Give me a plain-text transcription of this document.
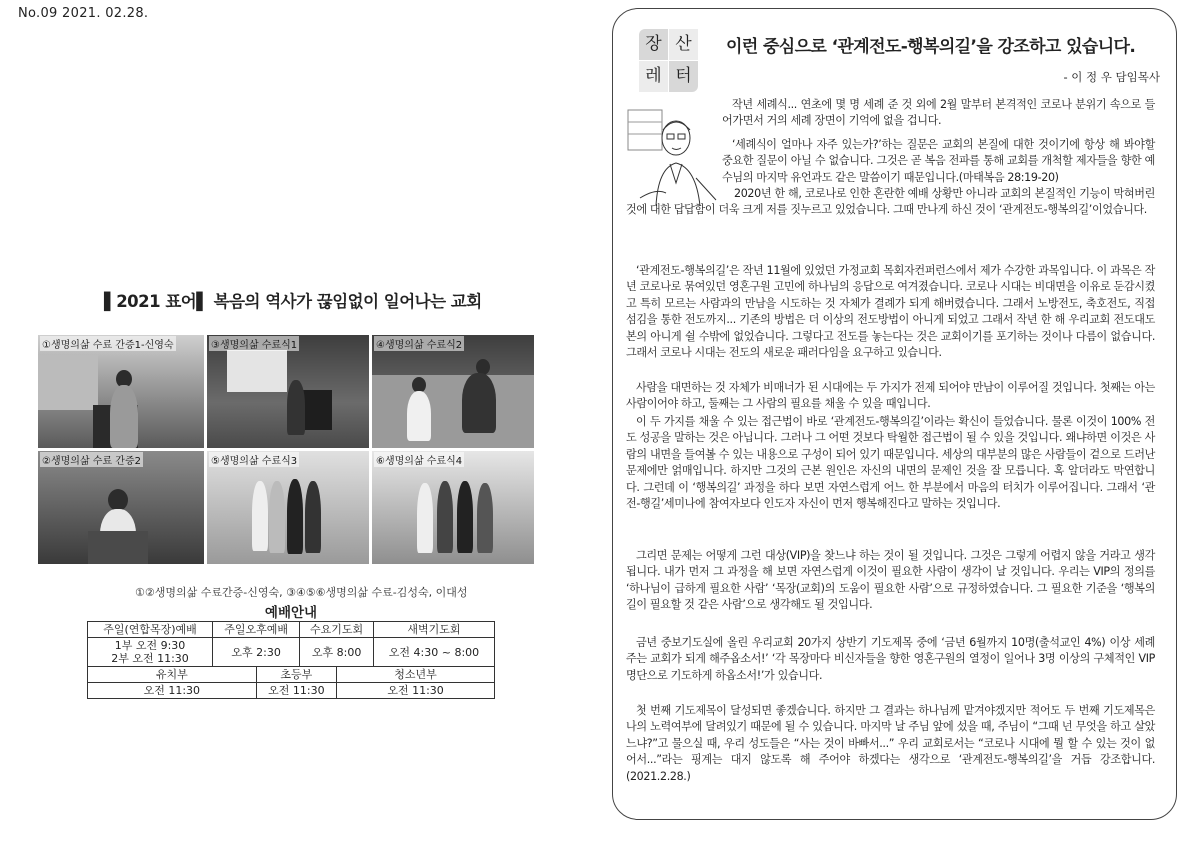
No.09 2021. 02.28.
▌2021 표어▌ 복음의 역사가 끊임없이 일어나는 교회
①생명의삶 수료 간증1-신영숙	③생명의삶 수료식1	④생명의삶 수료식2
②생명의삶 수료 간증2	⑤생명의삶 수료식3	⑥생명의삶 수료식4
①②생명의삶 수료간증-신영숙, ③④⑤⑥생명의삶 수료-김성숙, 이대성
예배안내					
주일(연합목장)예배	주일오후예배		수요기도회		새벽기도회

1부 오전 9:30
2부 오전 11:30	오후 2:30		오후 8:00		오전 4:30 ~ 8:00
유치부		초등부		청소년부	
오전 11:30		오전 11:30		오전 11:30	
장 산
레 터
이런 중심으로 ‘관계전도-행복의길’을 강조하고 있습니다.
- 이 정 우 담임목사
작년 세례식... 연초에 몇 명 세례 준 것 외에 2월 말부터 본격적인 코로나 분위기 속으로 들어가면서 거의 세례 장면이 기억에 없을 겁니다.
‘세례식이 얼마나 자주 있는가?’하는 질문은 교회의 본질에 대한 것이기에 항상 해 봐야할 중요한 질문이 아닐 수 없습니다. 그것은 곧 복음 전파를 통해 교회를 개척할 제자들을 향한 예수님의 마지막 유언과도 같은 말씀이기 때문입니다.(마태복음 28:19-20)
2020년 한 해, 코로나로 인한 혼란한 예배 상황만 아니라 교회의 본질적인 기능이 막혀버린 것에 대한 답답함이 더욱 크게 저를 짓누르고 있었습니다. 그때 만나게 하신 것이 ‘관계전도-행복의길’이었습니다.
‘관계전도-행복의길’은 작년 11월에 있었던 가정교회 목회자컨퍼런스에서 제가 수강한 과목입니다. 이 과목은 작년 코로나로 묶여있던 영혼구원 고민에 하나님의 응답으로 여겨졌습니다. 코로나 시대는 비대면을 이유로 둔감시켰고 특히 모르는 사람과의 만남을 시도하는 것 자체가 결례가 되게 해버렸습니다. 그래서 노방전도, 축호전도, 직접 섬김을 통한 전도까지... 기존의 방법은 더 이상의 전도방법이 아니게 되었고 그래서 작년 한 해 우리교회 전도대도 본의 아니게 쉴 수밖에 없었습니다. 그렇다고 전도를 놓는다는 것은 교회이기를 포기하는 것이나 다름이 없습니다. 그래서 코로나 시대는 전도의 새로운 패러다임을 요구하고 있습니다.
사람을 대면하는 것 자체가 비매너가 된 시대에는 두 가지가 전제 되어야 만남이 이루어질 것입니다. 첫째는 아는 사람이어야 하고, 둘째는 그 사람의 필요를 채울 수 있을 때입니다.
이 두 가지를 채울 수 있는 접근법이 바로 ‘관계전도-행복의길’이라는 확신이 들었습니다. 물론 이것이 100% 전도 성공을 말하는 것은 아닙니다. 그러나 그 어떤 것보다 탁월한 접근법이 될 수 있을 것입니다. 왜냐하면 이것은 사람의 내면을 들여볼 수 있는 내용으로 구성이 되어 있기 때문입니다. 세상의 대부분의 많은 사람들이 겉으로 드러난 문제에만 얽매입니다. 하지만 그것의 근본 원인은 자신의 내면의 문제인 것을 잘 모릅니다. 혹 알더라도 막연합니다. 그런데 이 ‘행복의길’ 과정을 하다 보면 자연스럽게 어느 한 부분에서 마음의 터치가 이루어집니다. 그래서 ‘관전-행길’세미나에 참여자보다 인도자 자신이 먼저 행복해진다고 말하는 것입니다.
그리면 문제는 어떻게 그런 대상(VIP)을 찾느냐 하는 것이 될 것입니다. 그것은 그렇게 어렵지 않을 거라고 생각됩니다. 내가 먼저 그 과정을 해 보면 자연스럽게 이것이 필요한 사람이 생각이 날 것입니다. 우리는 VIP의 정의를 ‘하나님이 급하게 필요한 사람’ ‘목장(교회)의 도움이 필요한 사람’으로 규정하였습니다. 그 필요한 기준을 ‘행복의길이 필요할 것 같은 사람’으로 생각해도 될 것입니다.
금년 중보기도실에 올린 우리교회 20가지 상반기 기도제목 중에 ‘금년 6월까지 10명(출석교인 4%) 이상 세례 주는 교회가 되게 해주옵소서!’ ‘각 목장마다 비신자들을 향한 영혼구원의 열정이 일어나 3명 이상의 구체적인 VIP 명단으로 기도하게 하옵소서!’가 있습니다.
첫 번째 기도제목이 달성되면 좋겠습니다. 하지만 그 결과는 하나님께 맡겨야겠지만 적어도 두 번째 기도제목은 나의 노력여부에 달려있기 때문에 될 수 있습니다. 마지막 날 주님 앞에 섰을 때, 주님이 “그때 넌 무엇을 하고 살았느냐?”고 물으실 때, 우리 성도들은 “사는 것이 바빠서...” 우리 교회로서는 “코로나 시대에 뭘 할 수 있는 것이 없어서...”라는 핑계는 대지 않도록 해 주어야 하겠다는 생각으로 ‘관계전도-행복의길’을 거듭 강조합니다.(2021.2.28.)
